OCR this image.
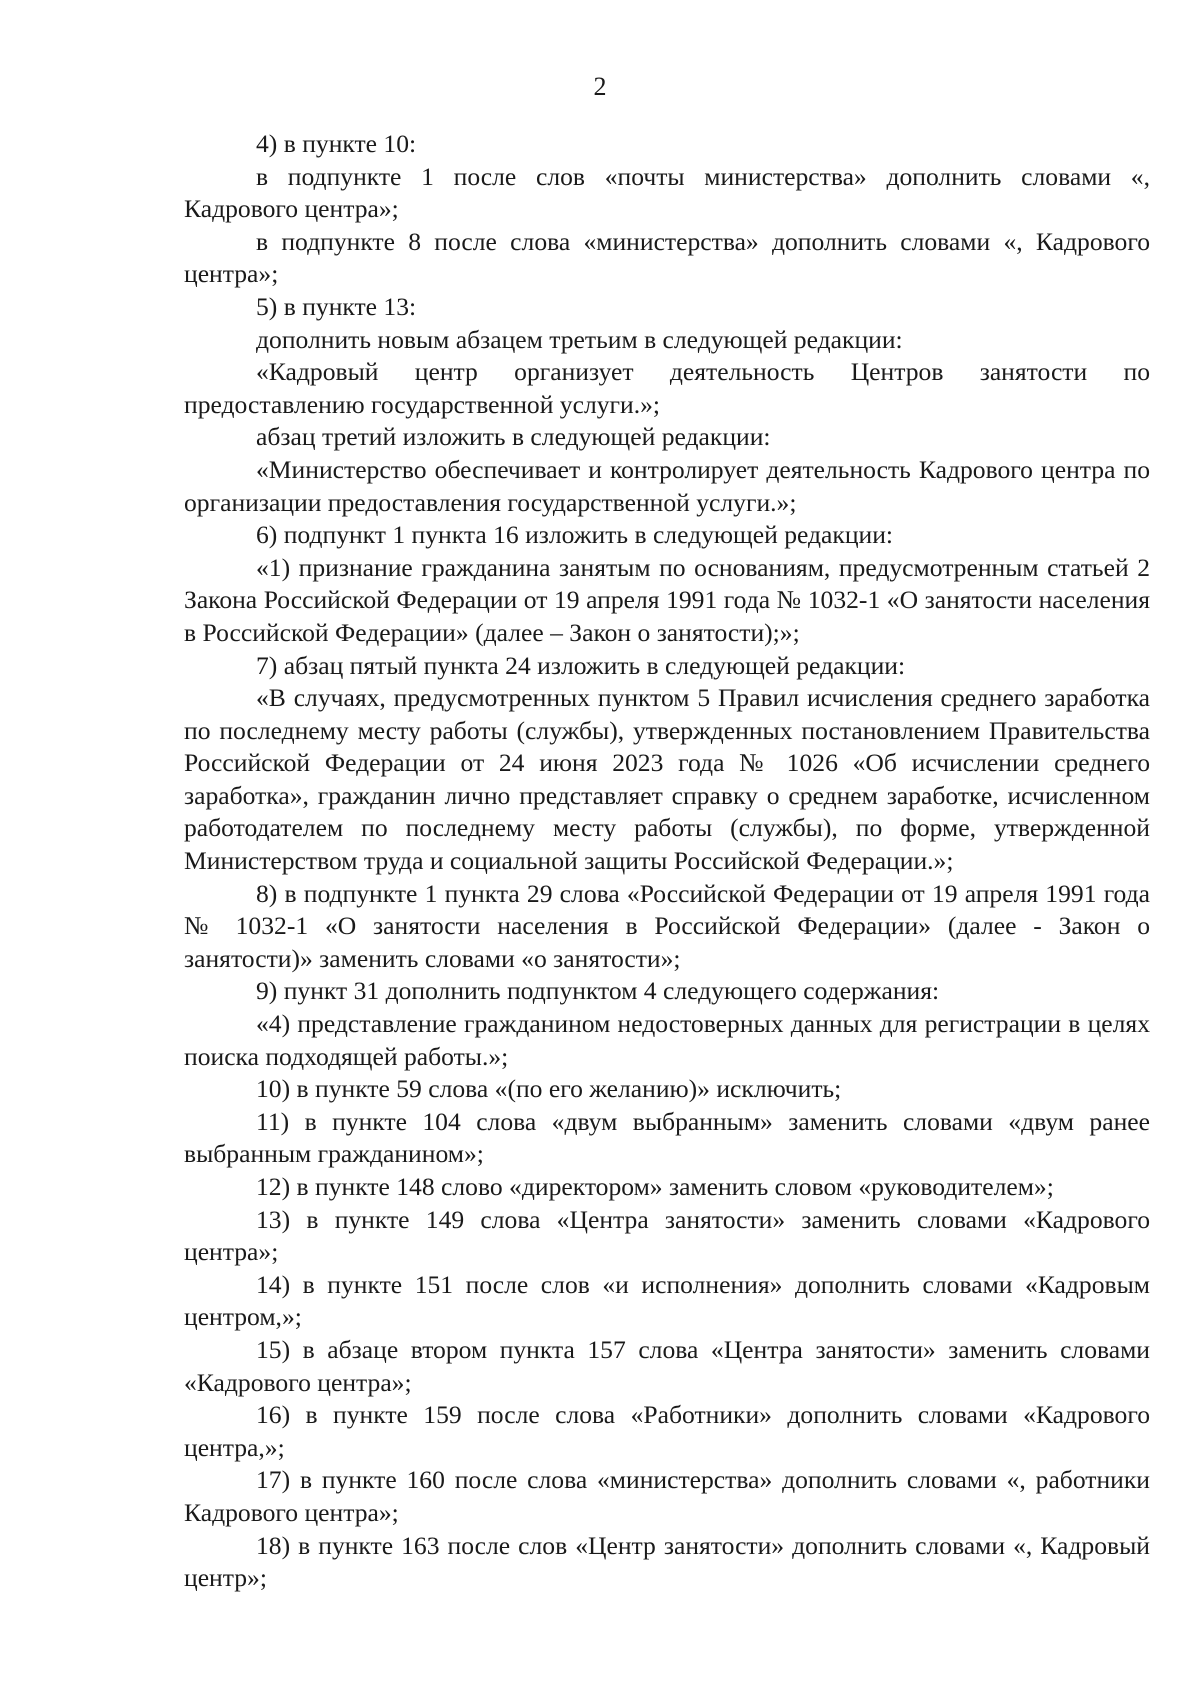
2

4) в пункте 10:

в подпункте 1 после слов «почты министерства» дополнить словами «, Кадрового центра»;

в подпункте 8 после слова «министерства» дополнить словами «, Кадрового центра»;

5) в пункте 13:

дополнить новым абзацем третьим в следующей редакции:

«Кадровый центр организует деятельность Центров занятости по предоставлению государственной услуги.»;

абзац третий изложить в следующей редакции:

«Министерство обеспечивает и контролирует деятельность Кадрового центра по организации предоставления государственной услуги.»;

6) подпункт 1 пункта 16 изложить в следующей редакции:

«1) признание гражданина занятым по основаниям, предусмотренным статьей 2 Закона Российской Федерации от 19 апреля 1991 года № 1032-1 «О занятости населения в Российской Федерации» (далее – Закон о занятости);»;

7) абзац пятый пункта 24 изложить в следующей редакции:

«В случаях, предусмотренных пунктом 5 Правил исчисления среднего заработка по последнему месту работы (службы), утвержденных постановлением Правительства Российской Федерации от 24 июня 2023 года № 1026 «Об исчислении среднего заработка», гражданин лично представляет справку о среднем заработке, исчисленном работодателем по последнему месту работы (службы), по форме, утвержденной Министерством труда и социальной защиты Российской Федерации.»;

8) в подпункте 1 пункта 29 слова «Российской Федерации от 19 апреля 1991 года № 1032-1 «О занятости населения в Российской Федерации» (далее - Закон о занятости)» заменить словами «о занятости»;

9) пункт 31 дополнить подпунктом 4 следующего содержания:

«4) представление гражданином недостоверных данных для регистрации в целях поиска подходящей работы.»;

10) в пункте 59 слова «(по его желанию)» исключить;

11) в пункте 104 слова «двум выбранным» заменить словами «двум ранее выбранным гражданином»;

12) в пункте 148 слово «директором» заменить словом «руководителем»;

13) в пункте 149 слова «Центра занятости» заменить словами «Кадрового центра»;

14) в пункте 151 после слов «и исполнения» дополнить словами «Кадровым центром,»;

15) в абзаце втором пункта 157 слова «Центра занятости» заменить словами «Кадрового центра»;

16) в пункте 159 после слова «Работники» дополнить словами «Кадрового центра,»;

17) в пункте 160 после слова «министерства» дополнить словами «, работники Кадрового центра»;

18) в пункте 163 после слов «Центр занятости» дополнить словами «, Кадровый центр»;
